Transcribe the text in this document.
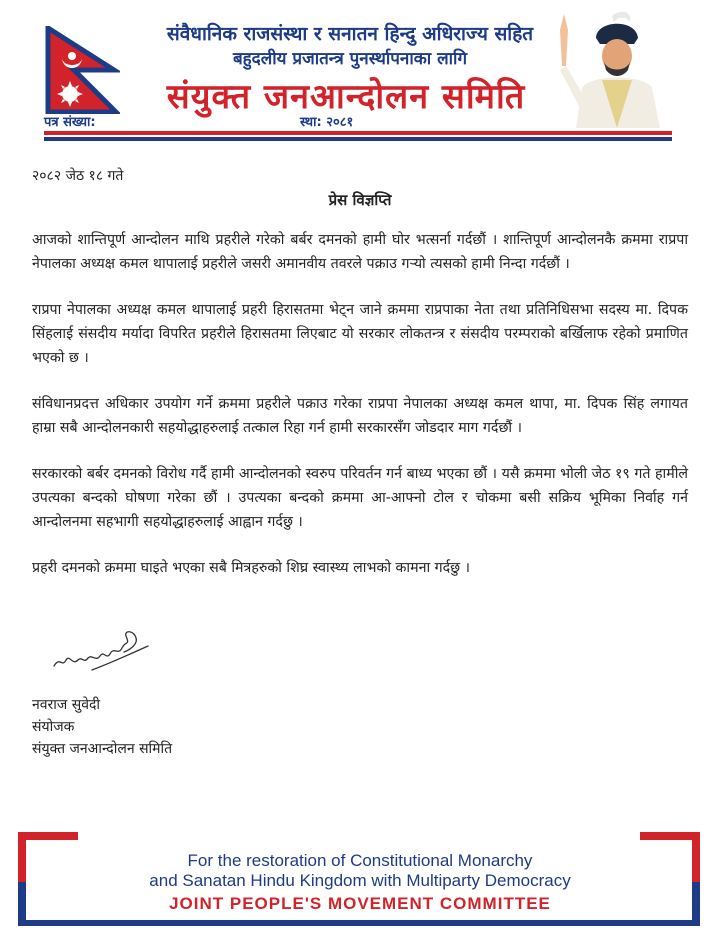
संवैधानिक राजसंस्था र सनातन हिन्दु अधिराज्य सहित
बहुदलीय प्रजातन्त्र पुनर्स्थापनाका लागि
संयुक्त जनआन्दोलन समिति
पत्र संख्या:	स्था: २०८१
२०८२ जेठ १८ गते
प्रेस विज्ञप्ति

आजको शान्तिपूर्ण आन्दोलन माथि प्रहरीले गरेको बर्बर दमनको हामी घोर भत्सर्ना गर्दछौं । शान्तिपूर्ण आन्दोलनकै क्रममा राप्रपा नेपालका अध्यक्ष कमल थापालाई प्रहरीले जसरी अमानवीय तवरले पक्राउ गऱ्यो त्यसको हामी निन्दा गर्दछौं ।

राप्रपा नेपालका अध्यक्ष कमल थापालाई प्रहरी हिरासतमा भेट्न जाने क्रममा राप्रपाका नेता तथा प्रतिनिधिसभा सदस्य मा. दिपक सिंहलाई संसदीय मर्यादा विपरित प्रहरीले हिरासतमा लिएबाट यो सरकार लोकतन्त्र र संसदीय परम्पराको बर्खिलाफ रहेको प्रमाणित भएको छ ।

संविधानप्रदत्त अधिकार उपयोग गर्ने क्रममा प्रहरीले पक्राउ गरेका राप्रपा नेपालका अध्यक्ष कमल थापा, मा. दिपक सिंह लगायत हाम्रा सबै आन्दोलनकारी सहयोद्धाहरुलाई तत्काल रिहा गर्न हामी सरकारसँग जोडदार माग गर्दछौं ।

सरकारको बर्बर दमनको विरोध गर्दै हामी आन्दोलनको स्वरुप परिवर्तन गर्न बाध्य भएका छौं । यसै क्रममा भोली जेठ १९ गते हामीले उपत्यका बन्दको घोषणा गरेका छौं । उपत्यका बन्दको क्रममा आ-आफ्नो टोल र चोकमा बसी सक्रिय भूमिका निर्वाह गर्न आन्दोलनमा सहभागी सहयोद्धाहरुलाई आह्वान गर्दछु ।

प्रहरी दमनको क्रममा घाइते भएका सबै मित्रहरुको शिघ्र स्वास्थ्य लाभको कामना गर्दछु ।

नवराज सुवेदी
संयोजक
संयुक्त जनआन्दोलन समिति
For the restoration of Constitutional Monarchy
and Sanatan Hindu Kingdom with Multiparty Democracy
JOINT PEOPLE'S MOVEMENT COMMITTEE
